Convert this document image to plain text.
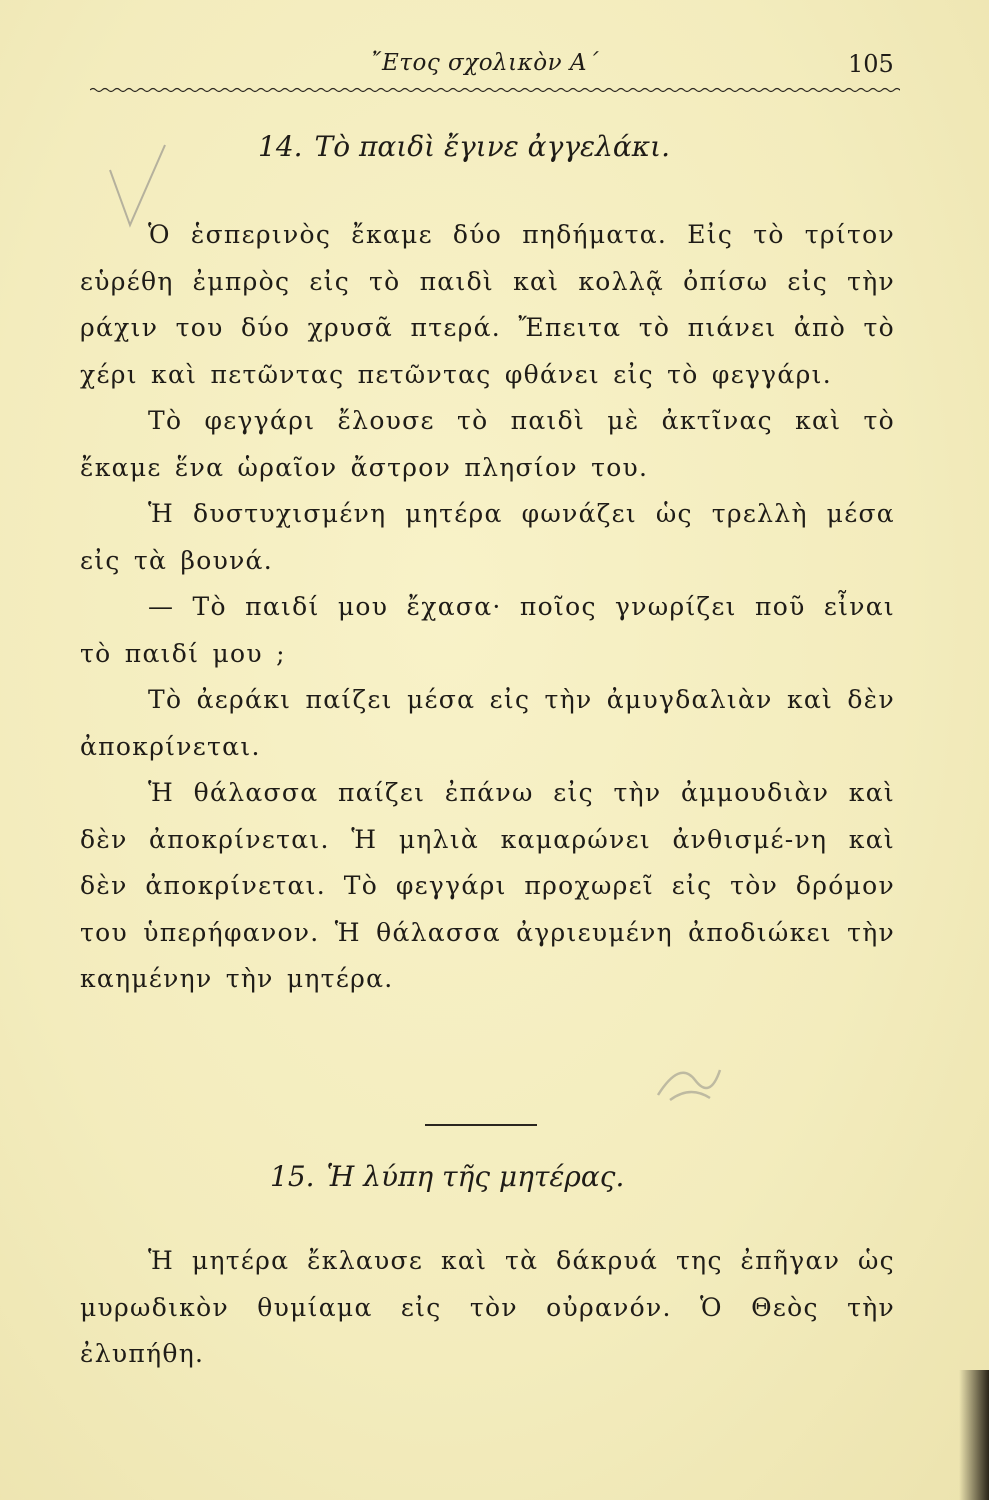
῎Ετος σχολικὸν Α΄	105
14. Τὸ παιδὶ ἔγινε ἀγγελάκι.

Ὁ ἑσπερινὸς ἔκαμε δύο πηδήματα. Εἰς τὸ τρίτον εὑρέθη ἐμπρὸς εἰς τὸ παιδὶ καὶ κολλᾷ ὀπίσω εἰς τὴν ράχιν του δύο χρυσᾶ πτερά. Ἔπειτα τὸ πιάνει ἀπὸ τὸ χέρι καὶ πετῶντας πετῶντας φθάνει εἰς τὸ φεγγάρι.

Τὸ φεγγάρι ἔλουσε τὸ παιδὶ μὲ ἀκτῖνας καὶ τὸ ἔκαμε ἕνα ὡραῖον ἄστρον πλησίον του.

Ἡ δυστυχισμένη μητέρα φωνάζει ὡς τρελλὴ μέσα εἰς τὰ βουνά.

— Τὸ παιδί μου ἔχασα· ποῖος γνωρίζει ποῦ εἶναι τὸ παιδί μου ;

Τὸ ἀεράκι παίζει μέσα εἰς τὴν ἀμυγδαλιὰν καὶ δὲν ἀποκρίνεται.

Ἡ θάλασσα παίζει ἐπάνω εἰς τὴν ἀμμουδιὰν καὶ δὲν ἀποκρίνεται. Ἡ μηλιὰ καμαρώνει ἀνθισμέ-νη καὶ δὲν ἀποκρίνεται. Τὸ φεγγάρι προχωρεῖ εἰς τὸν δρόμον του ὑπερήφανον. Ἡ θάλασσα ἀγριευμένη ἀποδιώκει τὴν καημένην τὴν μητέρα.

15. Ἡ λύπη τῆς μητέρας.

Ἡ μητέρα ἔκλαυσε καὶ τὰ δάκρυά της ἐπῆγαν ὡς μυρωδικὸν θυμίαμα εἰς τὸν οὐρανόν. Ὁ Θεὸς τὴν ἐλυπήθη.
